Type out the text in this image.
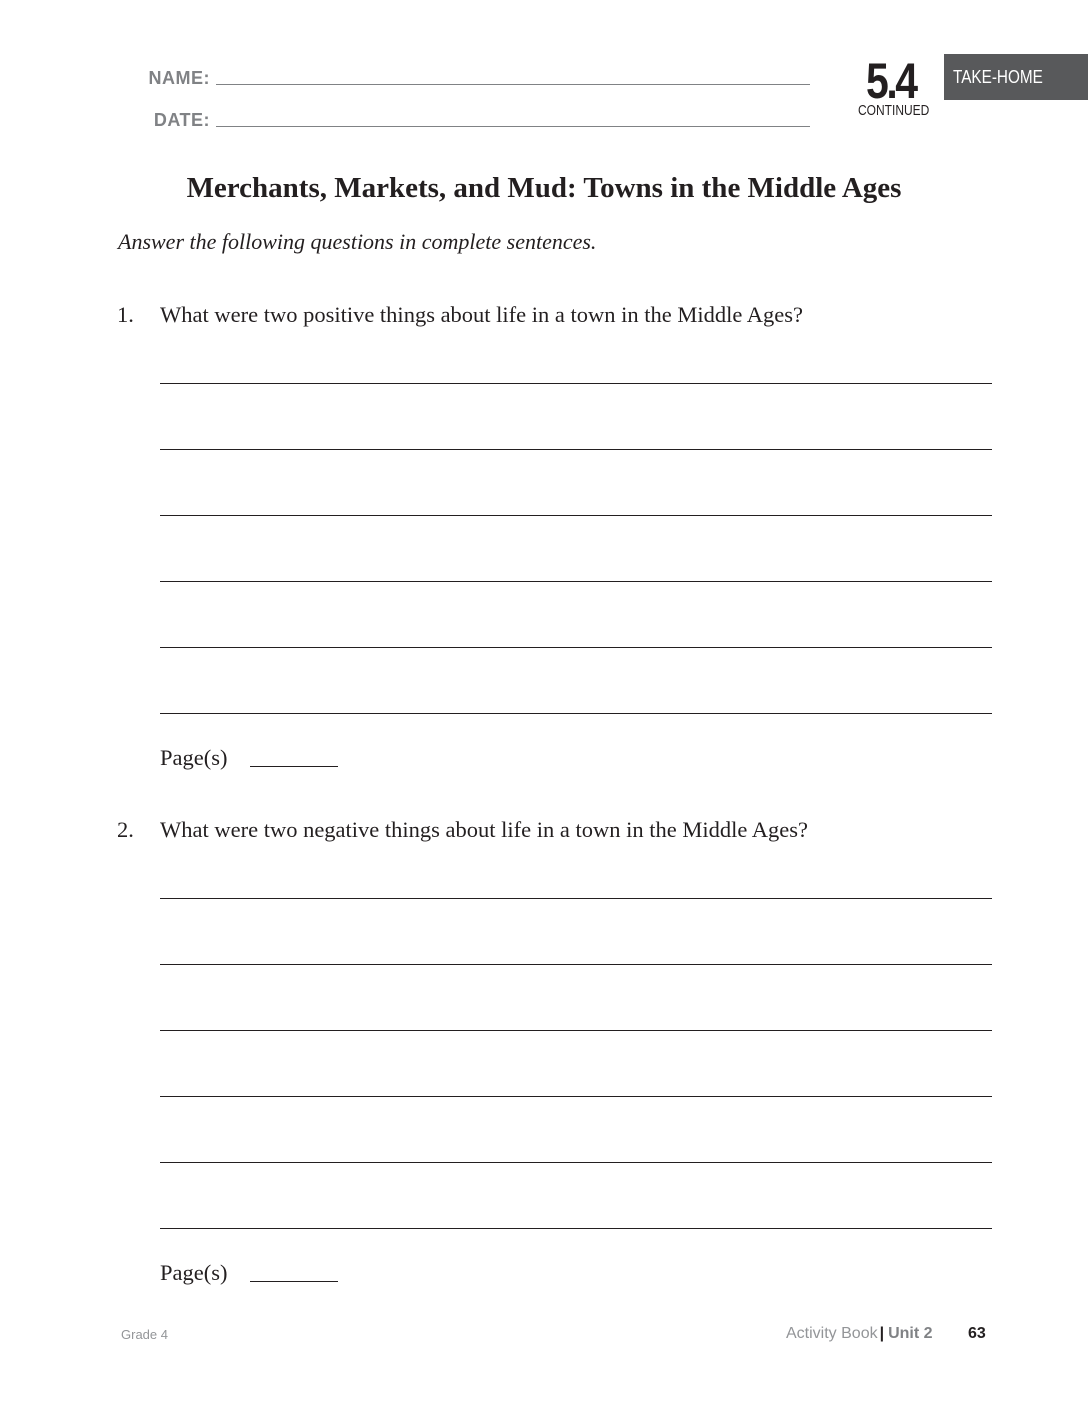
NAME:
DATE:
5.4
CONTINUED
TAKE-HOME
Merchants, Markets, and Mud: Towns in the Middle Ages
Answer the following questions in complete sentences.
1. What were two positive things about life in a town in the Middle Ages?
Page(s)
2. What were two negative things about life in a town in the Middle Ages?
Page(s)
Grade 4	Activity Book | Unit 2 63
